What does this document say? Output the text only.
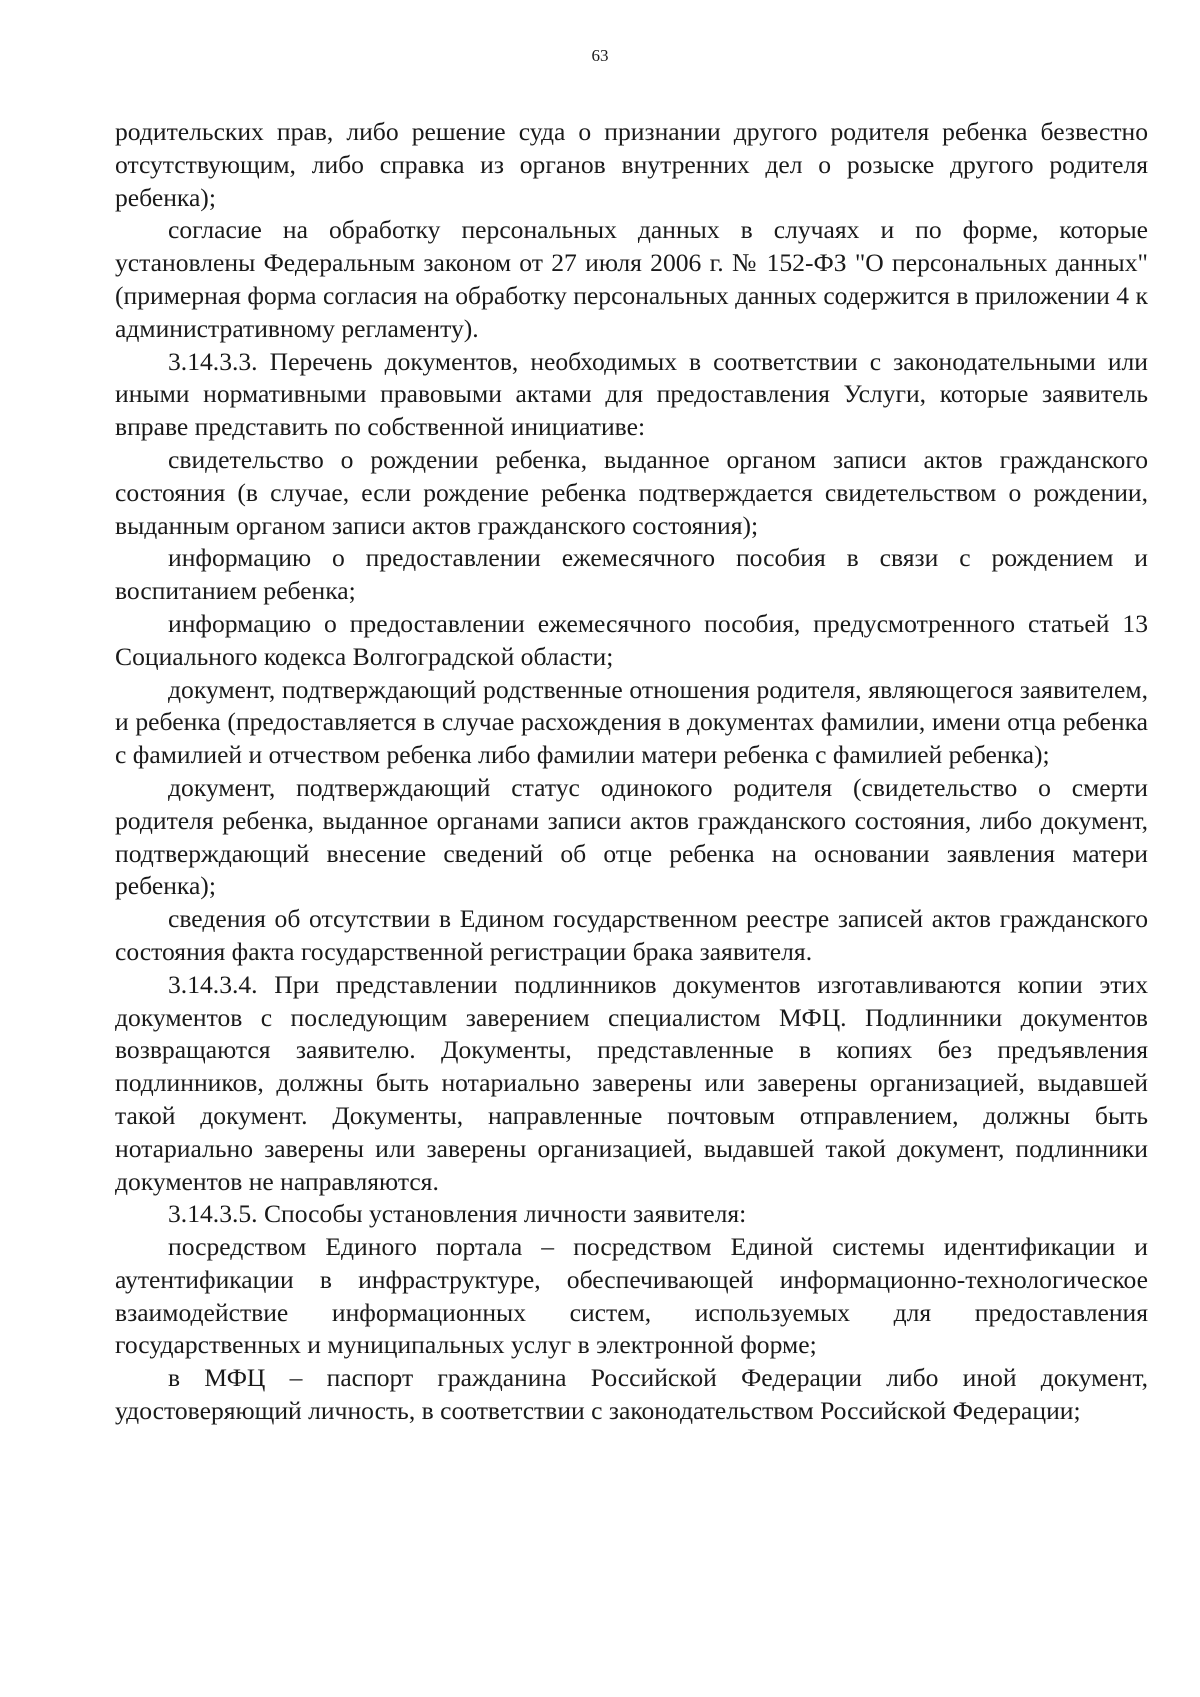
63

родительских прав, либо решение суда о признании другого родителя ребенка безвестно отсутствующим, либо справка из органов внутренних дел о розыске другого родителя ребенка);

согласие на обработку персональных данных в случаях и по форме, которые установлены Федеральным законом от 27 июля 2006 г. № 152-ФЗ "О персональных данных" (примерная форма согласия на обработку персональных данных содержится в приложении 4 к административному регламенту).

3.14.3.3. Перечень документов, необходимых в соответствии с законодательными или иными нормативными правовыми актами для предоставления Услуги, которые заявитель вправе представить по собственной инициативе:

свидетельство о рождении ребенка, выданное органом записи актов гражданского состояния (в случае, если рождение ребенка подтверждается свидетельством о рождении, выданным органом записи актов гражданского состояния);

информацию о предоставлении ежемесячного пособия в связи с рождением и воспитанием ребенка;

информацию о предоставлении ежемесячного пособия, предусмотренного статьей 13 Социального кодекса Волгоградской области;

документ, подтверждающий родственные отношения родителя, являющегося заявителем, и ребенка (предоставляется в случае расхождения в документах фамилии, имени отца ребенка с фамилией и отчеством ребенка либо фамилии матери ребенка с фамилией ребенка);

документ, подтверждающий статус одинокого родителя (свидетельство о смерти родителя ребенка, выданное органами записи актов гражданского состояния, либо документ, подтверждающий внесение сведений об отце ребенка на основании заявления матери ребенка);

сведения об отсутствии в Едином государственном реестре записей актов гражданского состояния факта государственной регистрации брака заявителя.

3.14.3.4. При представлении подлинников документов изготавливаются копии этих документов с последующим заверением специалистом МФЦ. Подлинники документов возвращаются заявителю. Документы, представленные в копиях без предъявления подлинников, должны быть нотариально заверены или заверены организацией, выдавшей такой документ. Документы, направленные почтовым отправлением, должны быть нотариально заверены или заверены организацией, выдавшей такой документ, подлинники документов не направляются.

3.14.3.5. Способы установления личности заявителя:

посредством Единого портала – посредством Единой системы идентификации и аутентификации в инфраструктуре, обеспечивающей информационно-технологическое взаимодействие информационных систем, используемых для предоставления государственных и муниципальных услуг в электронной форме;

в МФЦ – паспорт гражданина Российской Федерации либо иной документ, удостоверяющий личность, в соответствии с законодательством Российской Федерации;
